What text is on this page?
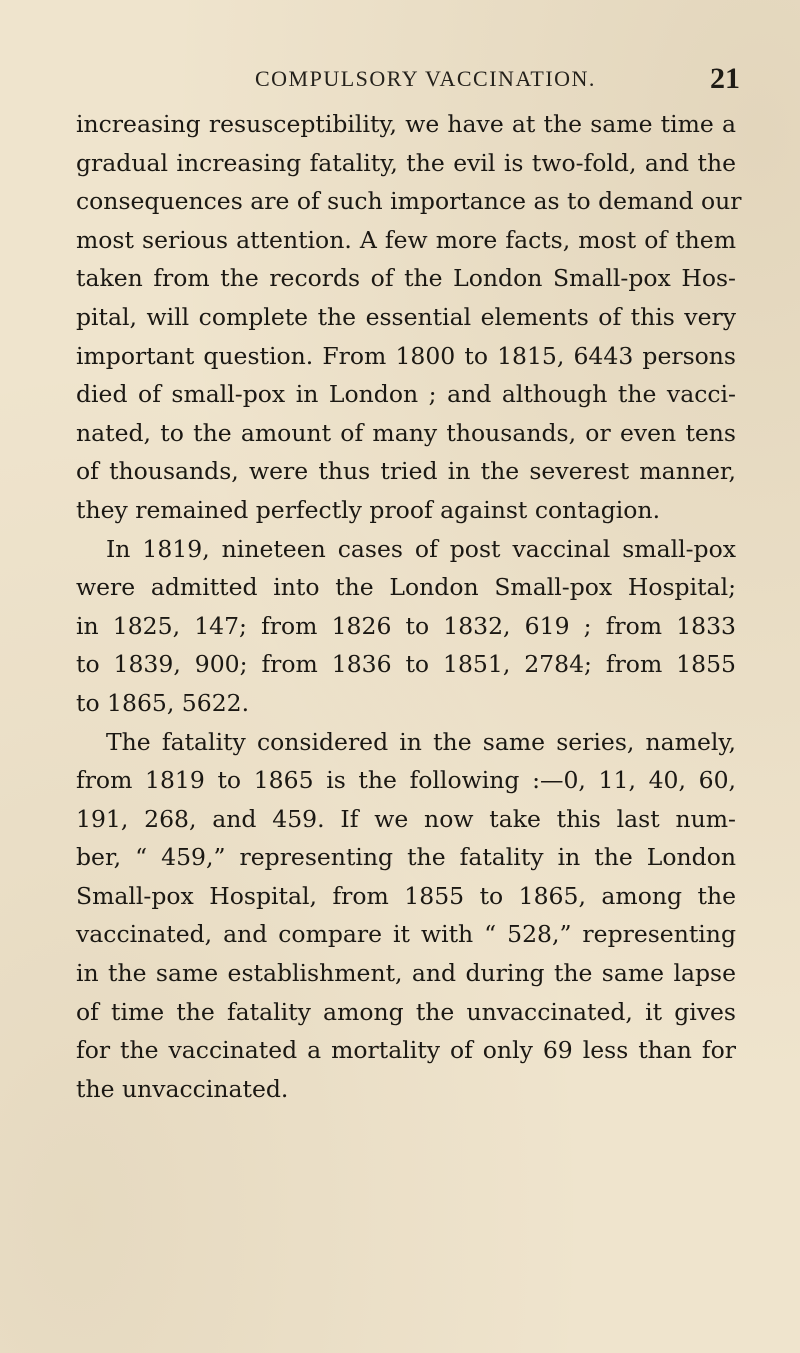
COMPULSORY VACCINATION.	21
increasing resusceptibility, we have at the same time a
gradual increasing fatality, the evil is two-fold, and the
consequences are of such importance as to demand our
most serious attention. A few more facts, most of them
taken from the records of the London Small-pox Hos-
pital, will complete the essential elements of this very
important question. From 1800 to 1815, 6443 persons
died of small-pox in London ; and although the vacci-
nated, to the amount of many thousands, or even tens
of thousands, were thus tried in the severest manner,
they remained perfectly proof against contagion.
In 1819, nineteen cases of post vaccinal small-pox
were admitted into the London Small-pox Hospital;
in 1825, 147; from 1826 to 1832, 619 ; from 1833
to 1839, 900; from 1836 to 1851, 2784; from 1855
to 1865, 5622.
The fatality considered in the same series, namely,
from 1819 to 1865 is the following :—0, 11, 40, 60,
191, 268, and 459. If we now take this last num-
ber, “ 459,” representing the fatality in the London
Small-pox Hospital, from 1855 to 1865, among the
vaccinated, and compare it with “ 528,” representing
in the same establishment, and during the same lapse
of time the fatality among the unvaccinated, it gives
for the vaccinated a mortality of only 69 less than for
the unvaccinated.
